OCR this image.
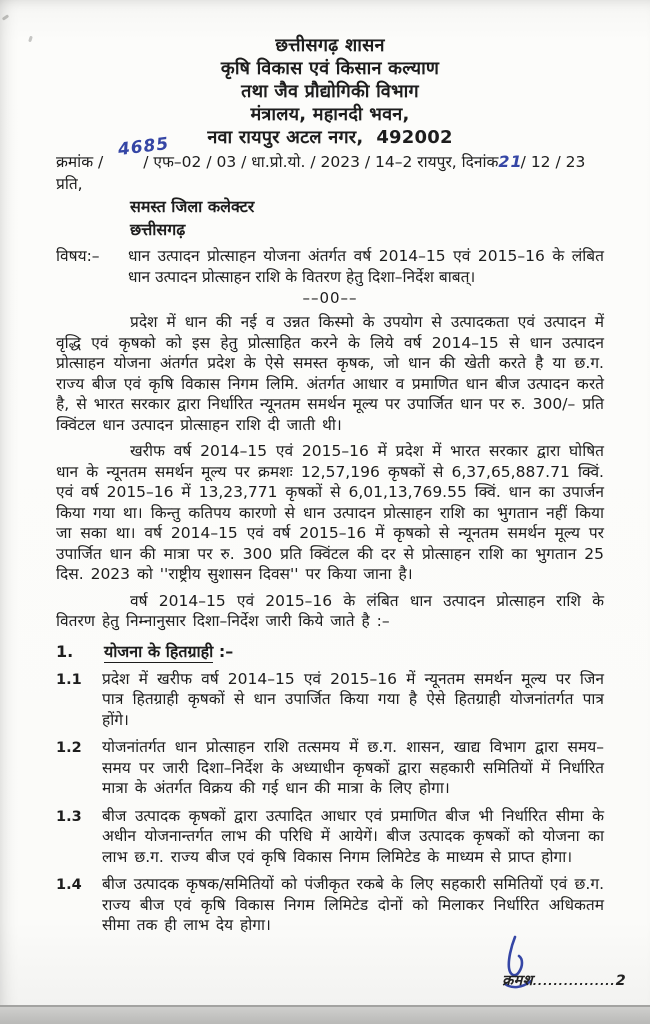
छत्तीसगढ़ शासन
कृषि विकास एवं किसान कल्याण
तथा जैव प्रौद्योगिकी विभाग
मंत्रालय, महानदी भवन,
नवा रायपुर अटल नगर,  492002
क्रमांक /
4685
/ एफ–02 / 03 / धा.प्रो.यो. / 2023 / 14–2 रायपुर, दिनांक21/ 12 / 23
प्रति,
समस्त जिला कलेक्टर
छत्तीसगढ़
विषय:–	धान उत्पादन प्रोत्साहन योजना अंतर्गत वर्ष 2014–15 एवं 2015–16 के लंबित धान उत्पादन प्रोत्साहन राशि के वितरण हेतु दिशा–निर्देश बाबत्।
––00––
प्रदेश में धान की नई व उन्नत किस्मो के उपयोग से उत्पादकता एवं उत्पादन में वृद्धि एवं कृषको को इस हेतु प्रोत्साहित करने के लिये वर्ष 2014–15 से धान उत्पादन प्रोत्साहन योजना अंतर्गत प्रदेश के ऐसे समस्त कृषक, जो धान की खेती करते है या छ.ग. राज्य बीज एवं कृषि विकास निगम लिमि. अंतर्गत आधार व प्रमाणित धान बीज उत्पादन करते है, से भारत सरकार द्वारा निर्धारित न्यूनतम समर्थन मूल्य पर उपार्जित धान पर रु. 300/– प्रति क्विंटल धान उत्पादन प्रोत्साहन राशि दी जाती थी।
खरीफ वर्ष 2014–15 एवं 2015–16 में प्रदेश में भारत सरकार द्वारा घोषित धान के न्यूनतम समर्थन मूल्य पर क्रमशः 12,57,196 कृषकों से 6,37,65,887.71 क्विं. एवं वर्ष 2015–16 में 13,23,771 कृषकों से 6,01,13,769.55 क्विं. धान का उपार्जन किया गया था। किन्तु कतिपय कारणो से धान उत्पादन प्रोत्साहन राशि का भुगतान नहीं किया जा सका था। वर्ष 2014–15 एवं वर्ष 2015–16 में कृषको से न्यूनतम समर्थन मूल्य पर उपार्जित धान की मात्रा पर रु. 300 प्रति क्विंटल की दर से प्रोत्साहन राशि का भुगतान 25 दिस. 2023 को ''राष्ट्रीय सुशासन दिवस'' पर किया जाना है।
वर्ष 2014–15 एवं 2015–16 के लंबित धान उत्पादन प्रोत्साहन राशि के वितरण हेतु निम्नानुसार दिशा–निर्देश जारी किये जाते है :–
1.	योजना के हितग्राही :–
1.1	प्रदेश में खरीफ वर्ष 2014–15 एवं 2015–16 में न्यूनतम समर्थन मूल्य पर जिन पात्र हितग्राही कृषकों से धान उपार्जित किया गया है ऐसे हितग्राही योजनांतर्गत पात्र होंगे।
1.2	योजनांतर्गत धान प्रोत्साहन राशि तत्समय में छ.ग. शासन, खाद्य विभाग द्वारा समय–समय पर जारी दिशा–निर्देश के अध्याधीन कृषकों द्वारा सहकारी समितियों में निर्धारित मात्रा के अंतर्गत विक्रय की गई धान की मात्रा के लिए होगा।
1.3	बीज उत्पादक कृषकों द्वारा उत्पादित आधार एवं प्रमाणित बीज भी निर्धारित सीमा के अधीन योजनान्तर्गत लाभ की परिधि में आयेगें। बीज उत्पादक कृषकों को योजना का लाभ छ.ग. राज्य बीज एवं कृषि विकास निगम लिमिटेड के माध्यम से प्राप्त होगा।
1.4	बीज उत्पादक कृषक/समितियों को पंजीकृत रकबे के लिए सहकारी समितियों एवं छ.ग. राज्य बीज एवं कृषि विकास निगम लिमिटेड दोनों को मिलाकर निर्धारित अधिकतम सीमा तक ही लाभ देय होगा।
क्रमश................2
